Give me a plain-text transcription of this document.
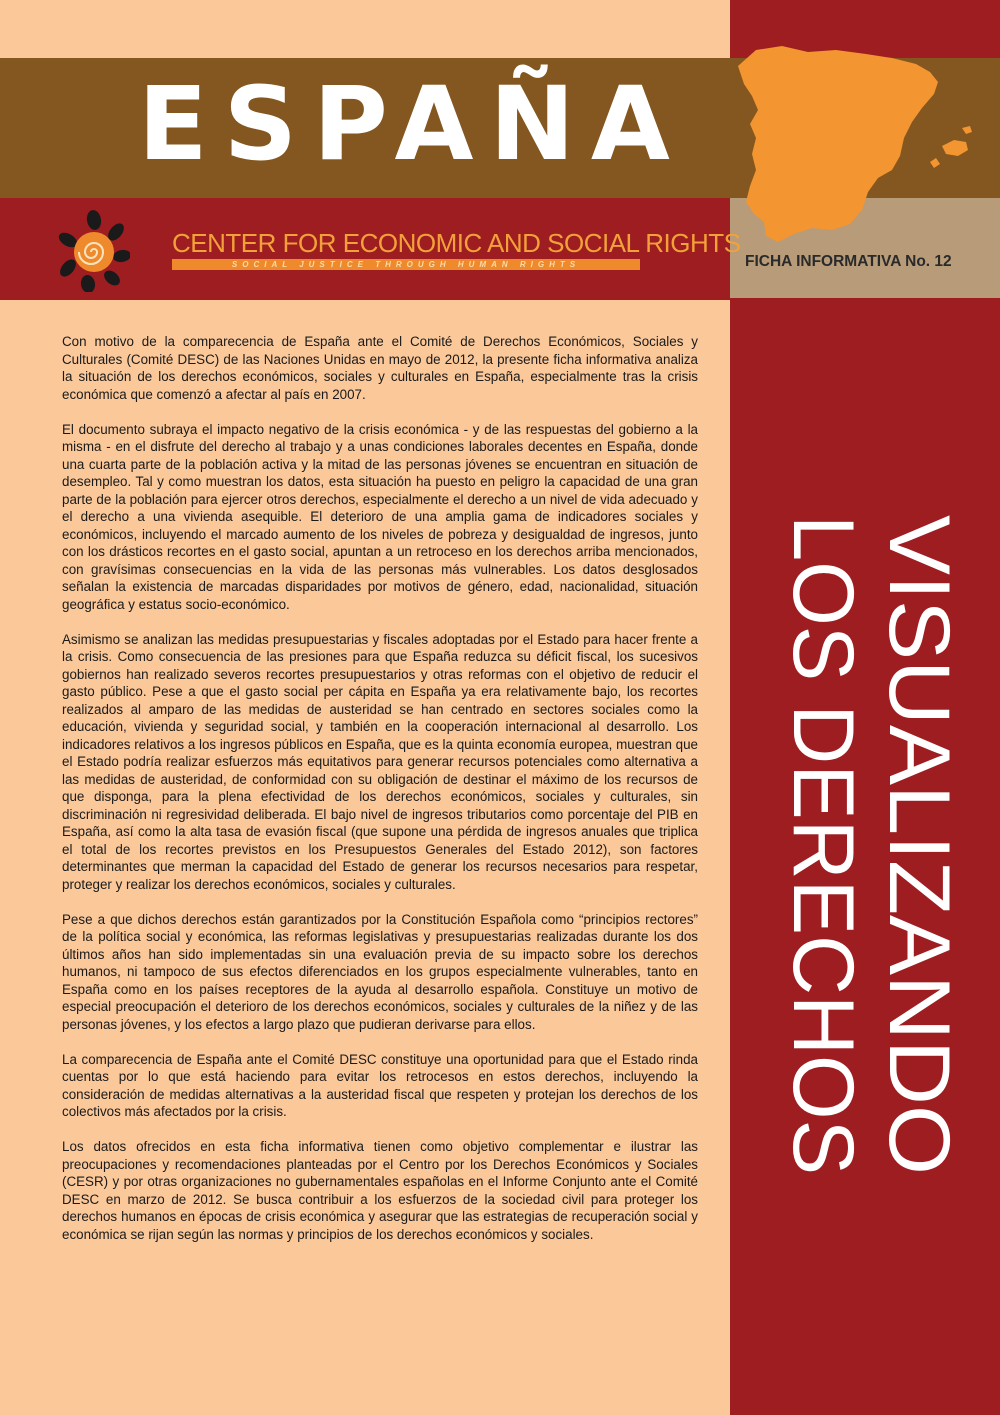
ESPAÑA
CENTER FOR ECONOMIC AND SOCIAL RIGHTS
SOCIAL JUSTICE THROUGH HUMAN RIGHTS	FICHA INFORMATIVA No. 12
VISUALIZANDO
LOS DERECHOS

Con motivo de la comparecencia de España ante el Comité de Derechos Económicos, Sociales y Culturales (Comité DESC) de las Naciones Unidas en mayo de 2012, la presente ficha informativa analiza la situación de los derechos económicos, sociales y culturales en España, especialmente tras la crisis económica que comenzó a afectar al país en 2007.

El documento subraya el impacto negativo de la crisis económica - y de las respuestas del gobierno a la misma - en el disfrute del derecho al trabajo y a unas condiciones laborales decentes en España, donde una cuarta parte de la población activa y la mitad de las personas jóvenes se encuentran en situación de desempleo. Tal y como muestran los datos, esta situación ha puesto en peligro la capacidad de una gran parte de la población para ejercer otros derechos, especialmente el derecho a un nivel de vida adecuado y el derecho a una vivienda asequible. El deterioro de una amplia gama de indicadores sociales y económicos, incluyendo el marcado aumento de los niveles de pobreza y desigualdad de ingresos, junto con los drásticos recortes en el gasto social, apuntan a un retroceso en los derechos arriba mencionados, con gravísimas consecuencias en la vida de las personas más vulnerables. Los datos desglosados señalan la existencia de marcadas disparidades por motivos de género, edad, nacionalidad, situación geográfica y estatus socio-económico.

Asimismo se analizan las medidas presupuestarias y fiscales adoptadas por el Estado para hacer frente a la crisis. Como consecuencia de las presiones para que España reduzca su déficit fiscal, los sucesivos gobiernos han realizado severos recortes presupuestarios y otras reformas con el objetivo de reducir el gasto público. Pese a que el gasto social per cápita en España ya era relativamente bajo, los recortes realizados al amparo de las medidas de austeridad se han centrado en sectores sociales como la educación, vivienda y seguridad social, y también en la cooperación internacional al desarrollo. Los indicadores relativos a los ingresos públicos en España, que es la quinta economía europea, muestran que el Estado podría realizar esfuerzos más equitativos para generar recursos potenciales como alternativa a las medidas de austeridad, de conformidad con su obligación de destinar el máximo de los recursos de que disponga, para la plena efectividad de los derechos económicos, sociales y culturales, sin discriminación ni regresividad deliberada. El bajo nivel de ingresos tributarios como porcentaje del PIB en España, así como la alta tasa de evasión fiscal (que supone una pérdida de ingresos anuales que triplica el total de los recortes previstos en los Presupuestos Generales del Estado 2012), son factores determinantes que merman la capacidad del Estado de generar los recursos necesarios para respetar, proteger y realizar los derechos económicos, sociales y culturales.

Pese a que dichos derechos están garantizados por la Constitución Española como “principios rectores” de la política social y económica, las reformas legislativas y presupuestarias realizadas durante los dos últimos años han sido implementadas sin una evaluación previa de su impacto sobre los derechos humanos, ni tampoco de sus efectos diferenciados en los grupos especialmente vulnerables, tanto en España como en los países receptores de la ayuda al desarrollo española. Constituye un motivo de especial preocupación el deterioro de los derechos económicos, sociales y culturales de la niñez y de las personas jóvenes, y los efectos a largo plazo que pudieran derivarse para ellos.

La comparecencia de España ante el Comité DESC constituye una oportunidad para que el Estado rinda cuentas por lo que está haciendo para evitar los retrocesos en estos derechos, incluyendo la consideración de medidas alternativas a la austeridad fiscal que respeten y protejan los derechos de los colectivos más afectados por la crisis.

Los datos ofrecidos en esta ficha informativa tienen como objetivo complementar e ilustrar las preocupaciones y recomendaciones planteadas por el Centro por los Derechos Económicos y Sociales (CESR) y por otras organizaciones no gubernamentales españolas en el Informe Conjunto ante el Comité DESC en marzo de 2012. Se busca contribuir a los esfuerzos de la sociedad civil para proteger los derechos humanos en épocas de crisis económica y asegurar que las estrategias de recuperación social y económica se rijan según las normas y principios de los derechos económicos y sociales.
